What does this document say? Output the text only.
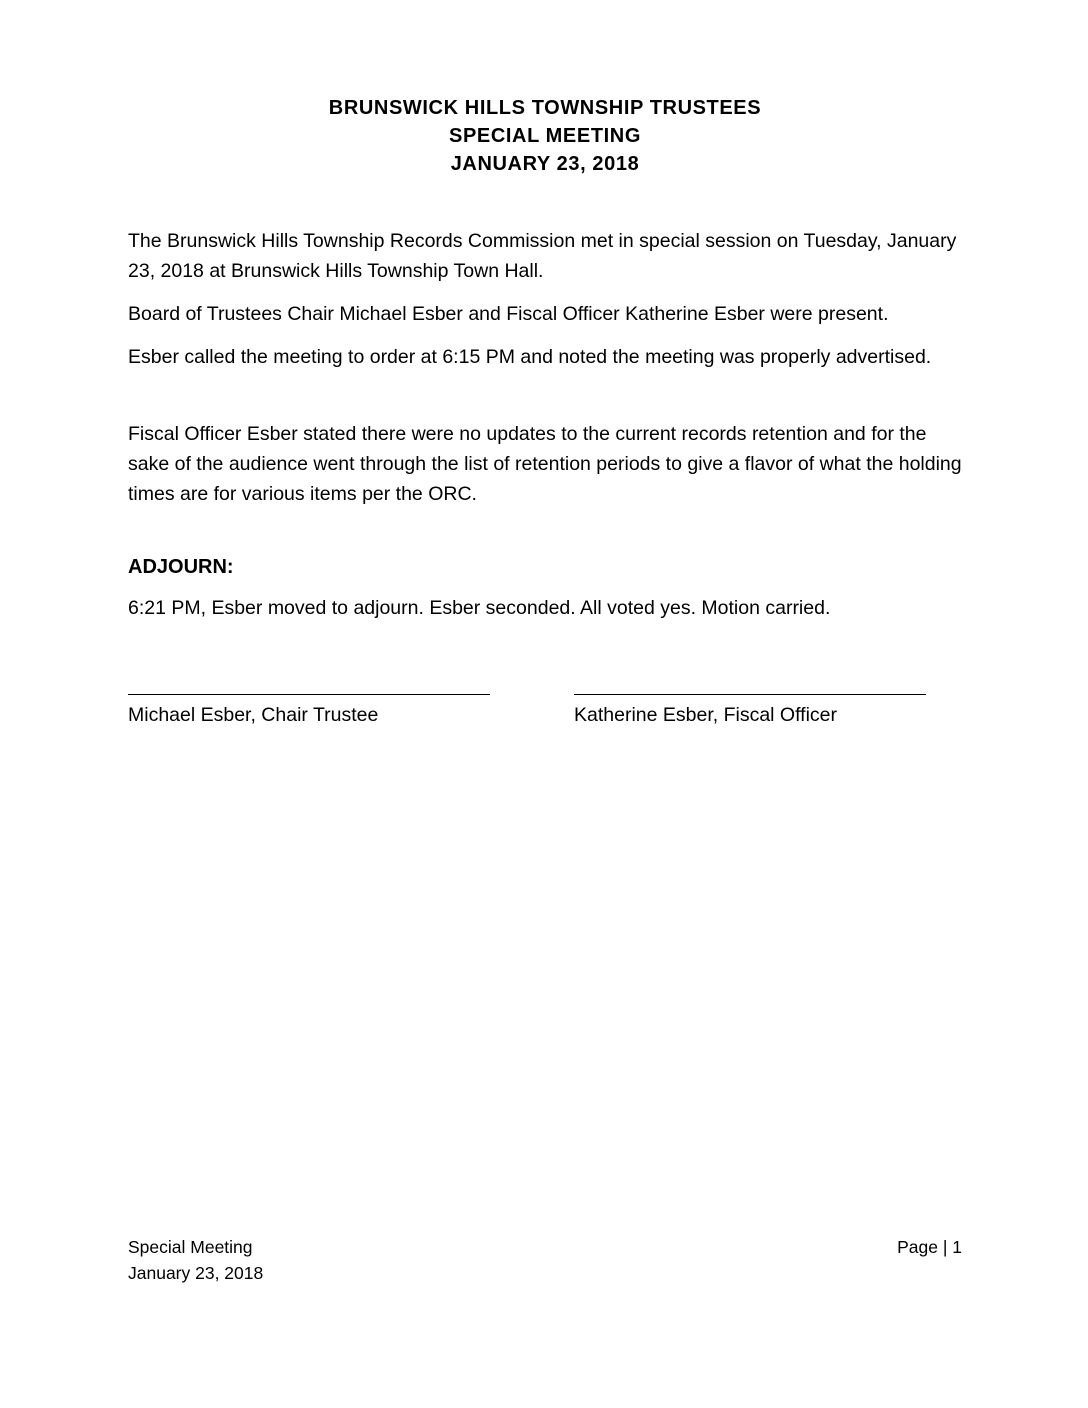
BRUNSWICK HILLS TOWNSHIP TRUSTEES
SPECIAL MEETING
JANUARY 23, 2018

The Brunswick Hills Township Records Commission met in special session on Tuesday, January 23, 2018 at Brunswick Hills Township Town Hall.

Board of Trustees Chair Michael Esber and Fiscal Officer Katherine Esber were present.

Esber called the meeting to order at 6:15 PM and noted the meeting was properly advertised.

Fiscal Officer Esber stated there were no updates to the current records retention and for the sake of the audience went through the list of retention periods to give a flavor of what the holding times are for various items per the ORC.

ADJOURN:

6:21 PM, Esber moved to adjourn. Esber seconded. All voted yes. Motion carried.

Michael Esber, Chair Trustee	Katherine Esber, Fiscal Officer
Special Meeting
January 23, 2018
Page | 1
